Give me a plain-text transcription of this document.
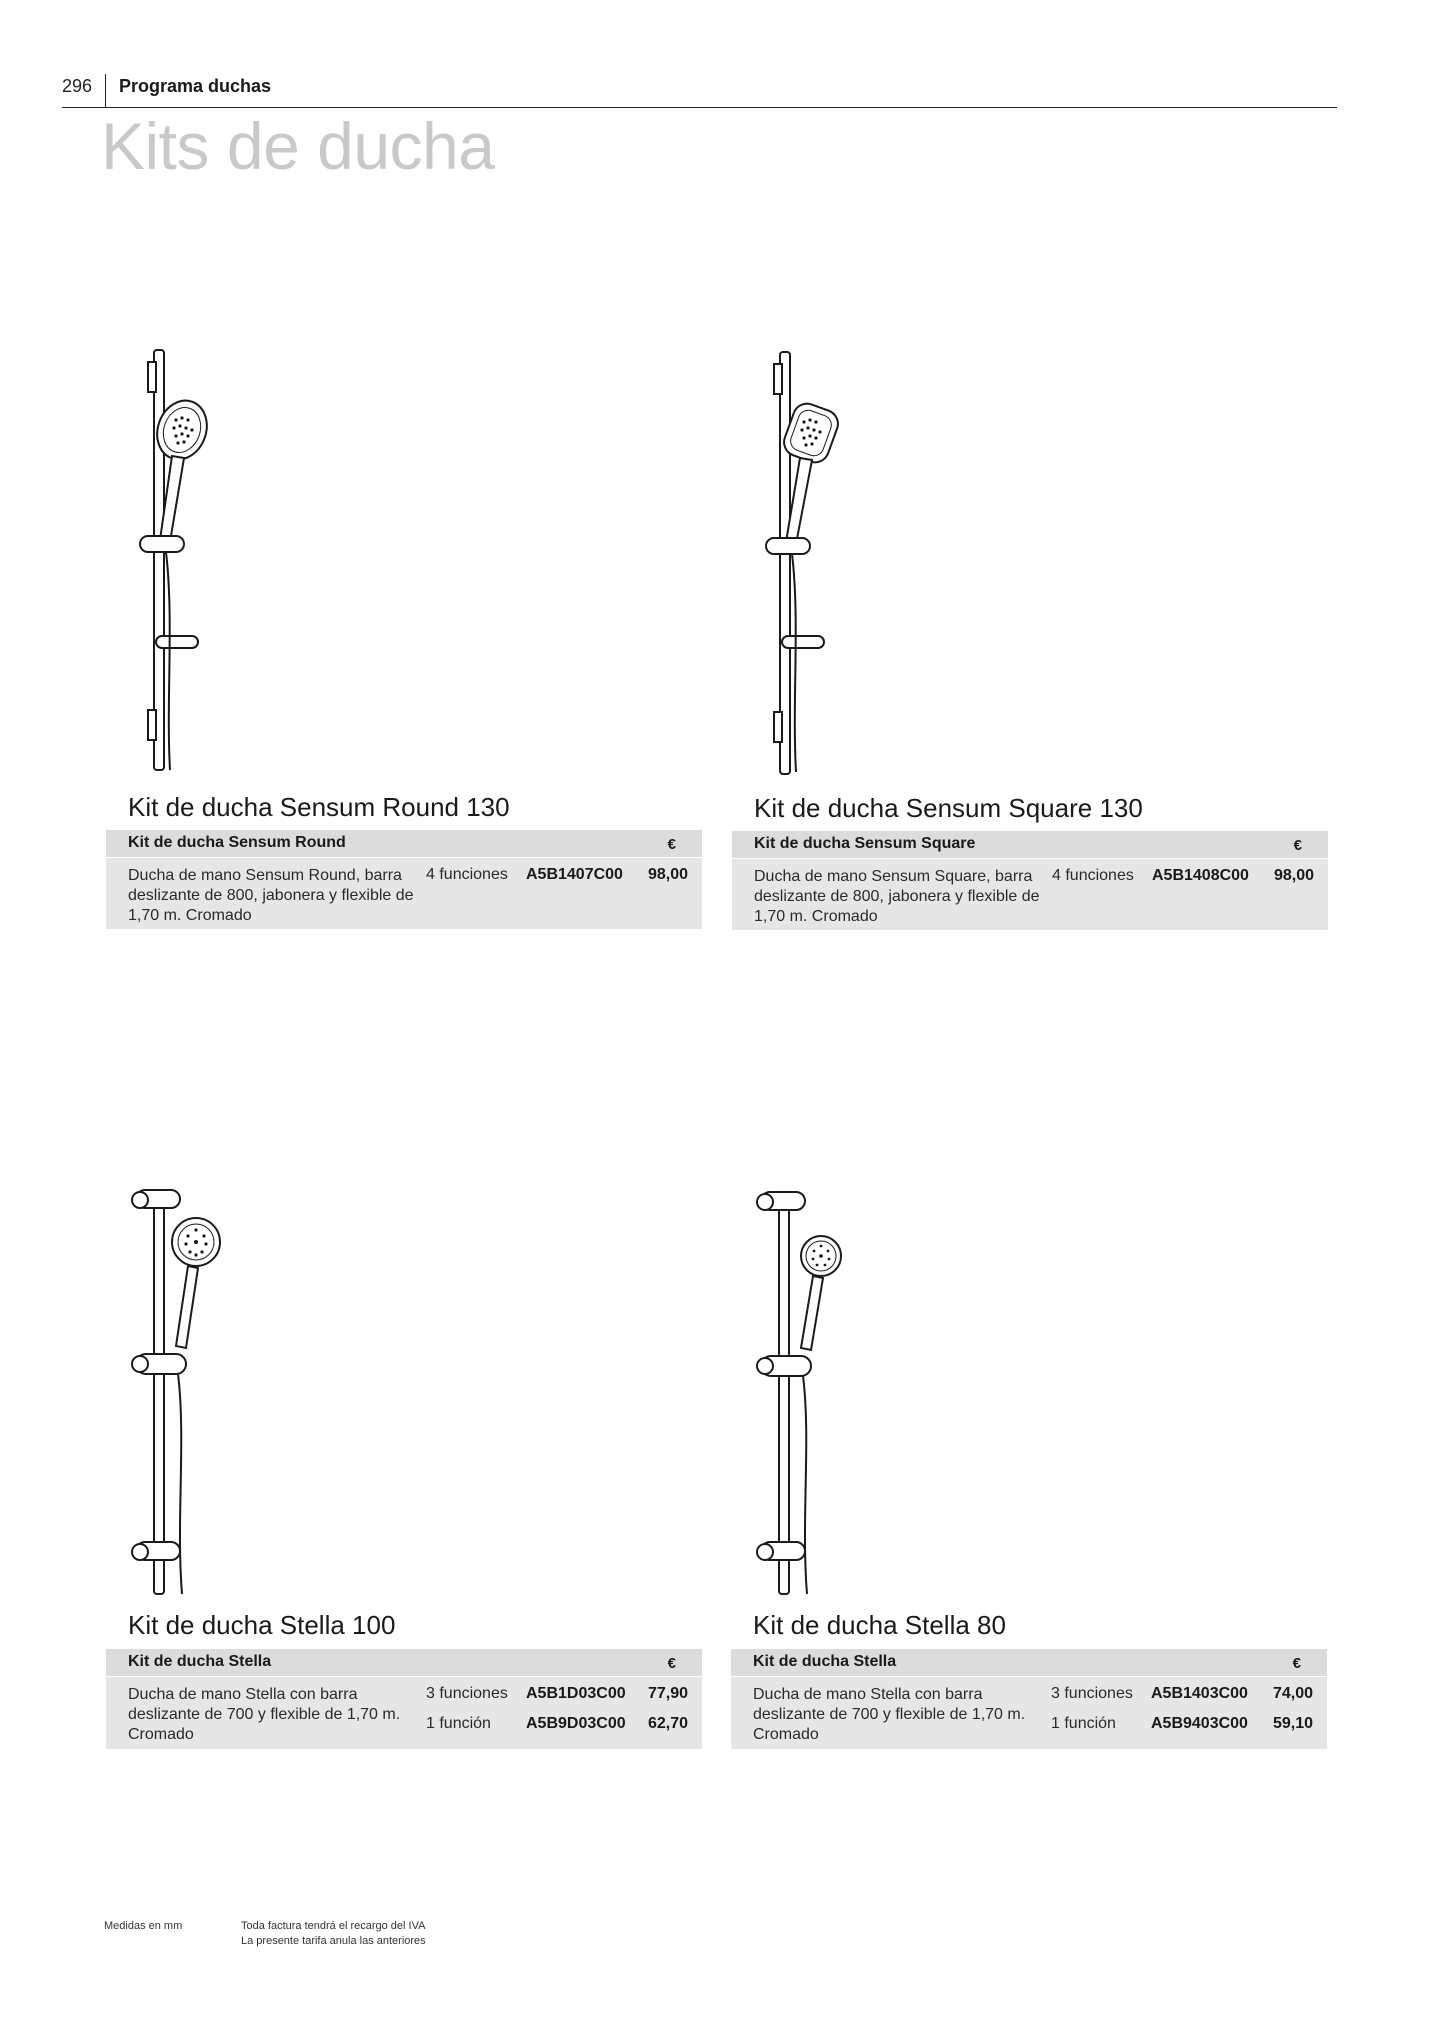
296 Programa duchas
Kits de ducha
Kit de ducha Sensum Round 130
Kit de ducha Sensum Round	€
Ducha de mano Sensum Round, barra deslizante de 800, jabonera y flexible de 1,70 m. Cromado
4 funciones A5B1407C00 98,00
Kit de ducha Sensum Square 130
Kit de ducha Sensum Square	€
Ducha de mano Sensum Square, barra deslizante de 800, jabonera y flexible de 1,70 m. Cromado
4 funciones A5B1408C00 98,00
Kit de ducha Stella 100
Kit de ducha Stella	€
Ducha de mano Stella con barra deslizante de 700 y flexible de 1,70 m. Cromado
3 funciones A5B1D03C00 77,90
1 función A5B9D03C00 62,70
Kit de ducha Stella 80
Kit de ducha Stella	€
Ducha de mano Stella con barra deslizante de 700 y flexible de 1,70 m. Cromado
3 funciones A5B1403C00 74,00
1 función A5B9403C00 59,10
Medidas en mm	Toda factura tendrá el recargo del IVA
La presente tarifa anula las anteriores
